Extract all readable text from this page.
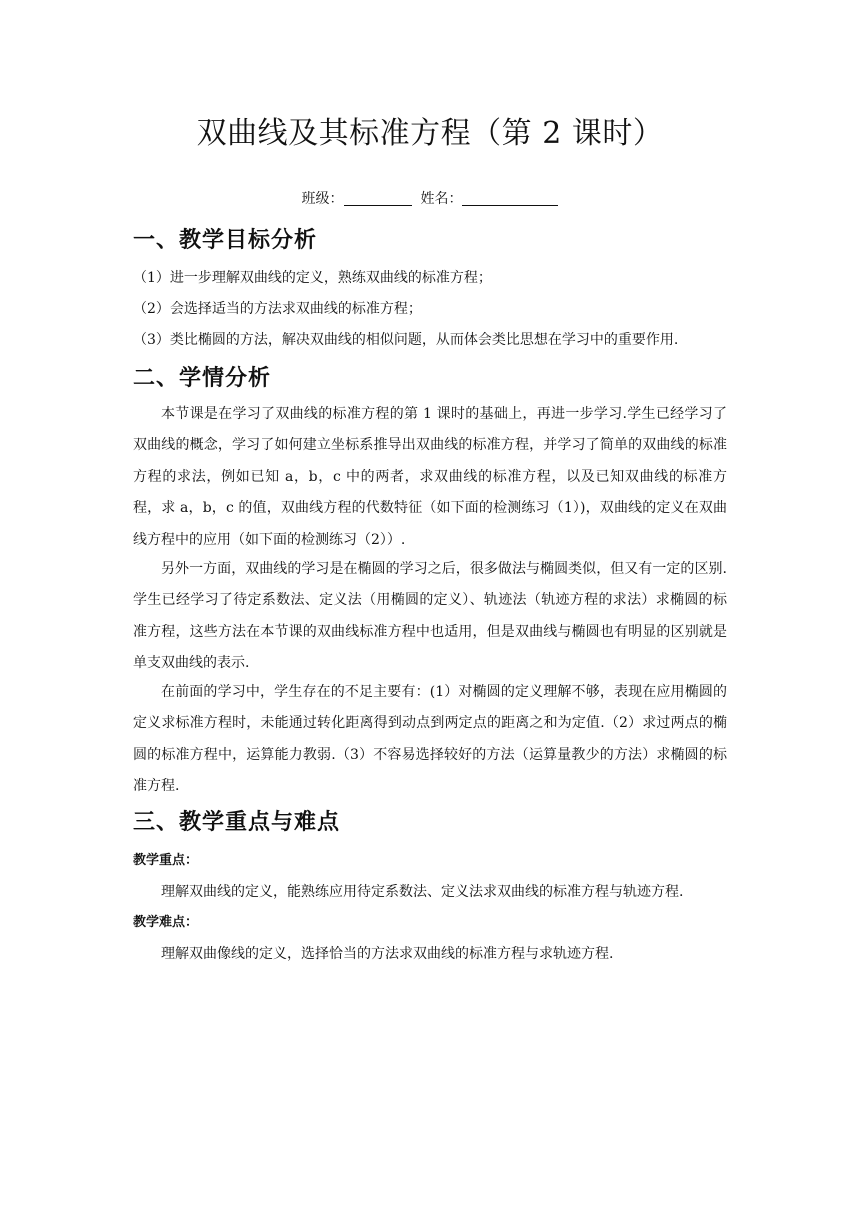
双曲线及其标准方程（第 2 课时）
班级：	姓名：
一、教学目标分析
（1）进一步理解双曲线的定义，熟练双曲线的标准方程；
（2）会选择适当的方法求双曲线的标准方程；
（3）类比椭圆的方法，解决双曲线的相似问题，从而体会类比思想在学习中的重要作用.
二、学情分析
本节课是在学习了双曲线的标准方程的第 1 课时的基础上，再进一步学习.学生已经学习了双曲线的概念，学习了如何建立坐标系推导出双曲线的标准方程，并学习了简单的双曲线的标准方程的求法，例如已知 a，b，c 中的两者，求双曲线的标准方程，以及已知双曲线的标准方程，求 a，b，c 的值，双曲线方程的代数特征（如下面的检测练习（1）)，双曲线的定义在双曲线方程中的应用（如下面的检测练习（2））.
另外一方面，双曲线的学习是在椭圆的学习之后，很多做法与椭圆类似，但又有一定的区别.学生已经学习了待定系数法、定义法（用椭圆的定义）、轨迹法（轨迹方程的求法）求椭圆的标准方程，这些方法在本节课的双曲线标准方程中也适用，但是双曲线与椭圆也有明显的区别就是单支双曲线的表示.
在前面的学习中，学生存在的不足主要有：(1）对椭圆的定义理解不够，表现在应用椭圆的定义求标准方程时，未能通过转化距离得到动点到两定点的距离之和为定值.（2）求过两点的椭圆的标准方程中，运算能力教弱.（3）不容易选择较好的方法（运算量教少的方法）求椭圆的标准方程.
三、教学重点与难点
教学重点：
理解双曲线的定义，能熟练应用待定系数法、定义法求双曲线的标准方程与轨迹方程.
教学难点：
理解双曲像线的定义，选择恰当的方法求双曲线的标准方程与求轨迹方程.
